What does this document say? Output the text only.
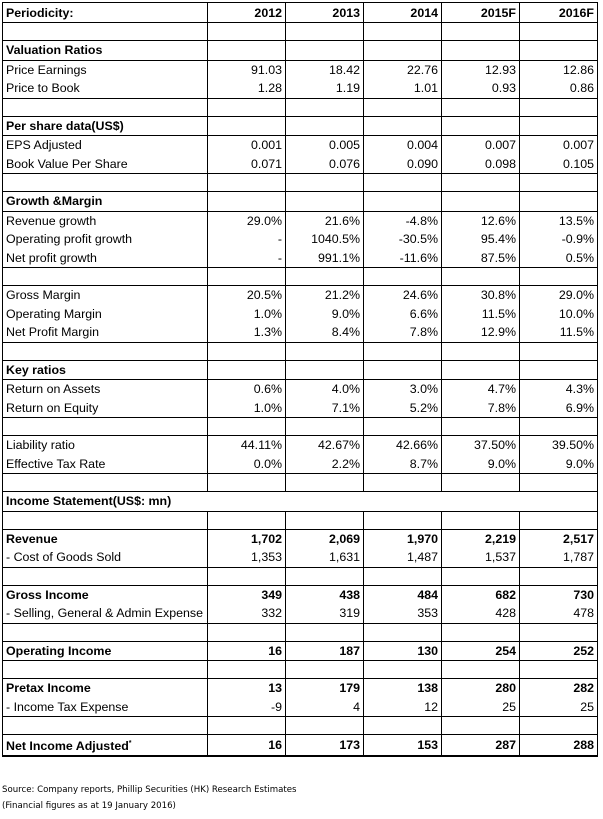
Periodicity:	2012	2013	2014	2015F	2016F

Valuation Ratios					
Price Earnings	91.03	18.42	22.76	12.93	12.86
Price to Book	1.28	1.19	1.01	0.93	0.86

Per share data(US$)					
EPS Adjusted	0.001	0.005	0.004	0.007	0.007
Book Value Per Share	0.071	0.076	0.090	0.098	0.105

Growth &Margin					
Revenue growth	29.0%	21.6%	-4.8%	12.6%	13.5%
Operating profit growth	-	1040.5%	-30.5%	95.4%	-0.9%
Net profit growth	-	991.1%	-11.6%	87.5%	0.5%

Gross Margin	20.5%	21.2%	24.6%	30.8%	29.0%
Operating Margin	1.0%	9.0%	6.6%	11.5%	10.0%
Net Profit Margin	1.3%	8.4%	7.8%	12.9%	11.5%

Key ratios					
Return on Assets	0.6%	4.0%	3.0%	4.7%	4.3%
Return on Equity	1.0%	7.1%	5.2%	7.8%	6.9%

Liability ratio	44.11%	42.67%	42.66%	37.50%	39.50%
Effective Tax Rate	0.0%	2.2%	8.7%	9.0%	9.0%

Income Statement(US$: mn)					

Revenue	1,702	2,069	1,970	2,219	2,517
- Cost of Goods Sold	1,353	1,631	1,487	1,537	1,787

Gross Income	349	438	484	682	730
- Selling, General & Admin Expense	332	319	353	428	478

Operating Income	16	187	130	254	252

Pretax Income	13	179	138	280	282
- Income Tax Expense	-9	4	12	25	25

Net Income Adjusted*	16	173	153	287	288
Source: Company reports, Phillip Securities (HK) Research Estimates
(Financial figures as at 19 January 2016)
